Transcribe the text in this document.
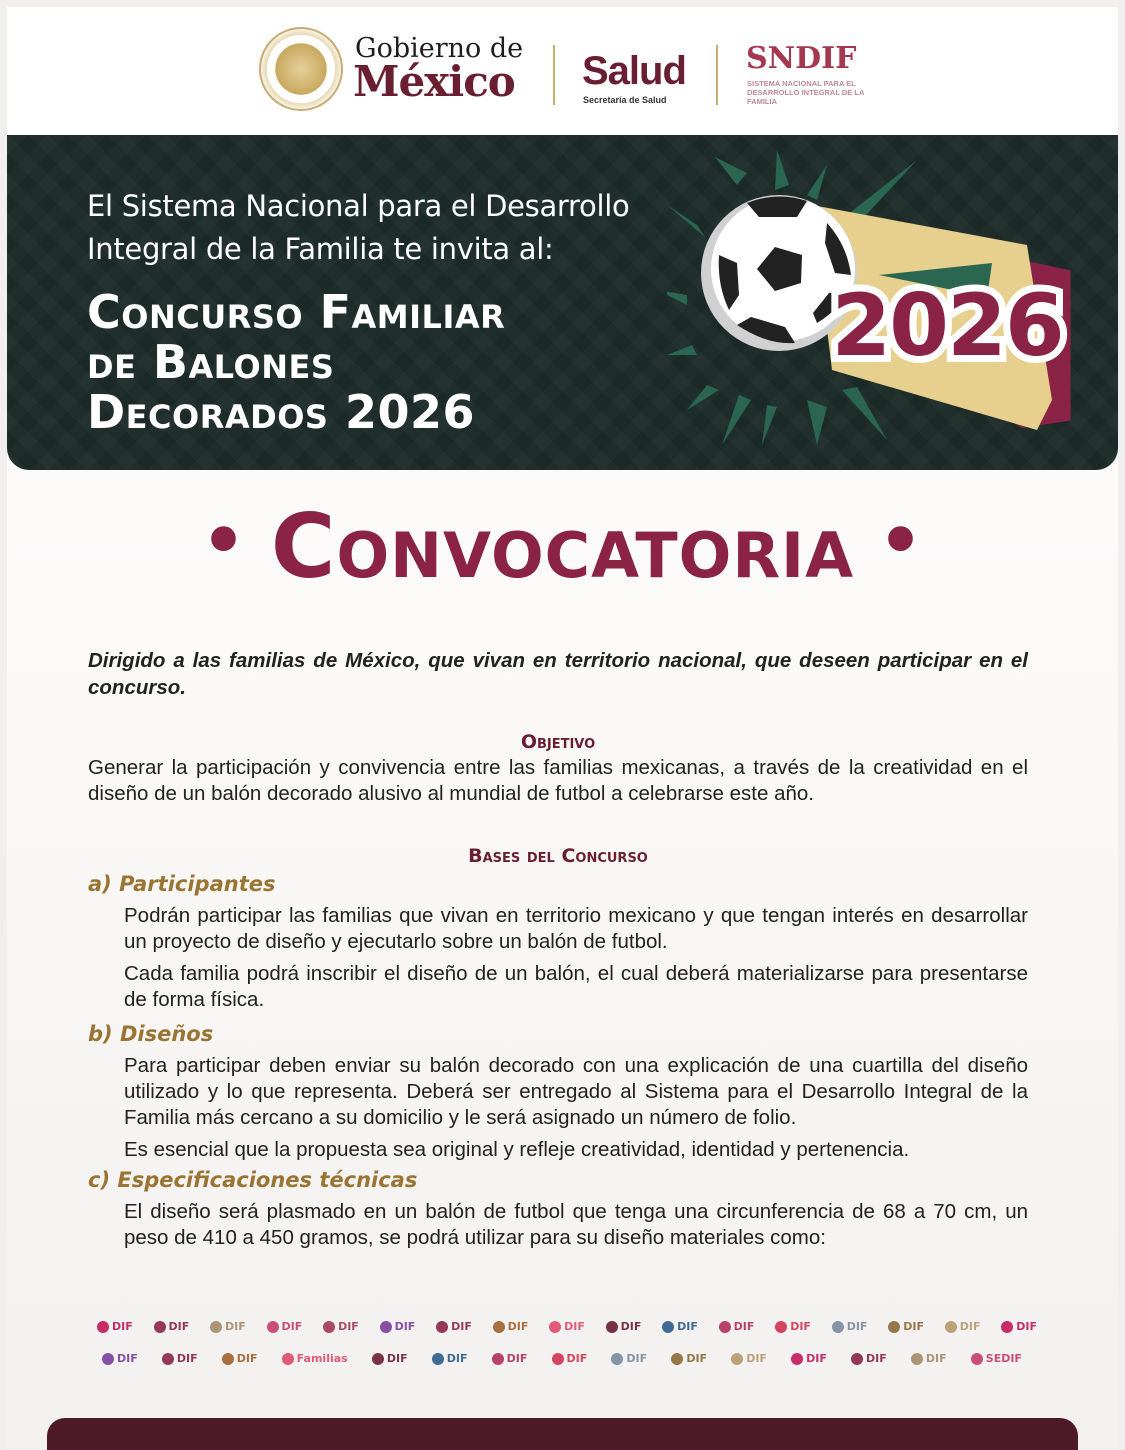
Gobierno de
México Salud
Secretaría de Salud
SNDIF
SISTEMA NACIONAL PARA EL DESARROLLO INTEGRAL DE LA FAMILIA
El Sistema Nacional para el Desarrollo
Integral de la Familia te invita al:
Concurso Familiar
de Balones
Decorados 2026
2026
• Convocatoria •
Dirigido a las familias de México, que vivan en territorio nacional, que deseen participar en el concurso.
Objetivo
Generar la participación y convivencia entre las familias mexicanas, a través de la creatividad en el diseño de un balón decorado alusivo al mundial de futbol a celebrarse este año.
Bases del Concurso
a) Participantes
Podrán participar las familias que vivan en territorio mexicano y que tengan interés en desarrollar un proyecto de diseño y ejecutarlo sobre un balón de futbol.
Cada familia podrá inscribir el diseño de un balón, el cual deberá materializarse para presentarse de forma física.
b) Diseños
Para participar deben enviar su balón decorado con una explicación de una cuartilla del diseño utilizado y lo que representa. Deberá ser entregado al Sistema para el Desarrollo Integral de la Familia más cercano a su domicilio y le será asignado un número de folio.
Es esencial que la propuesta sea original y refleje creatividad, identidad y pertenencia.
c) Especificaciones técnicas
El diseño será plasmado en un balón de futbol que tenga una circunferencia de 68 a 70 cm, un peso de 410 a 450 gramos, se podrá utilizar para su diseño materiales como:
DIF	DIF	DIF	DIF	DIF	DIF	DIF	DIF	DIF	DIF	DIF	DIF	DIF	DIF	DIF	DIF	DIF
DIF	DIF	DIF	Familias	DIF	DIF	DIF	DIF	DIF	DIF	DIF	DIF	DIF	DIF	SEDIF
